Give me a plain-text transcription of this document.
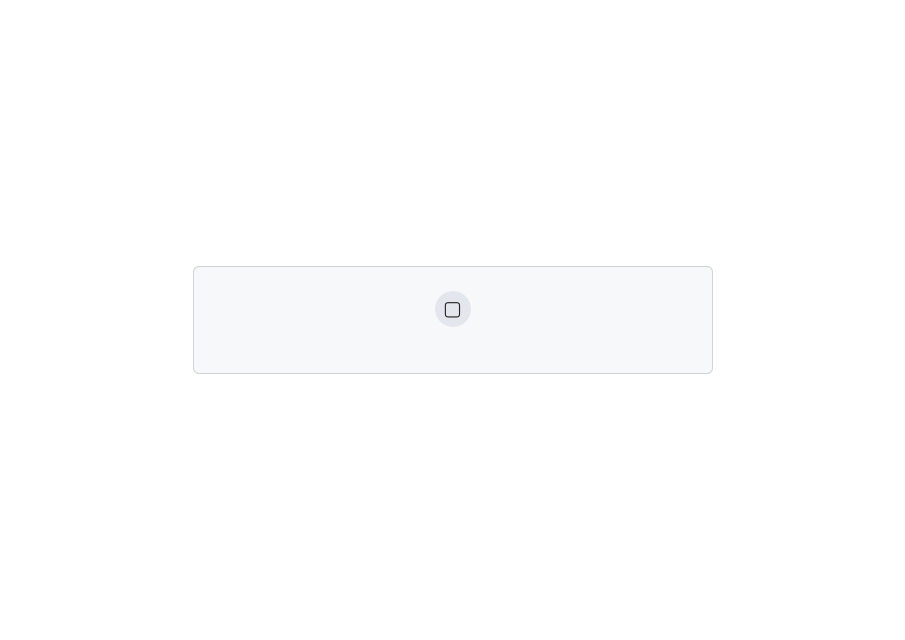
▢
